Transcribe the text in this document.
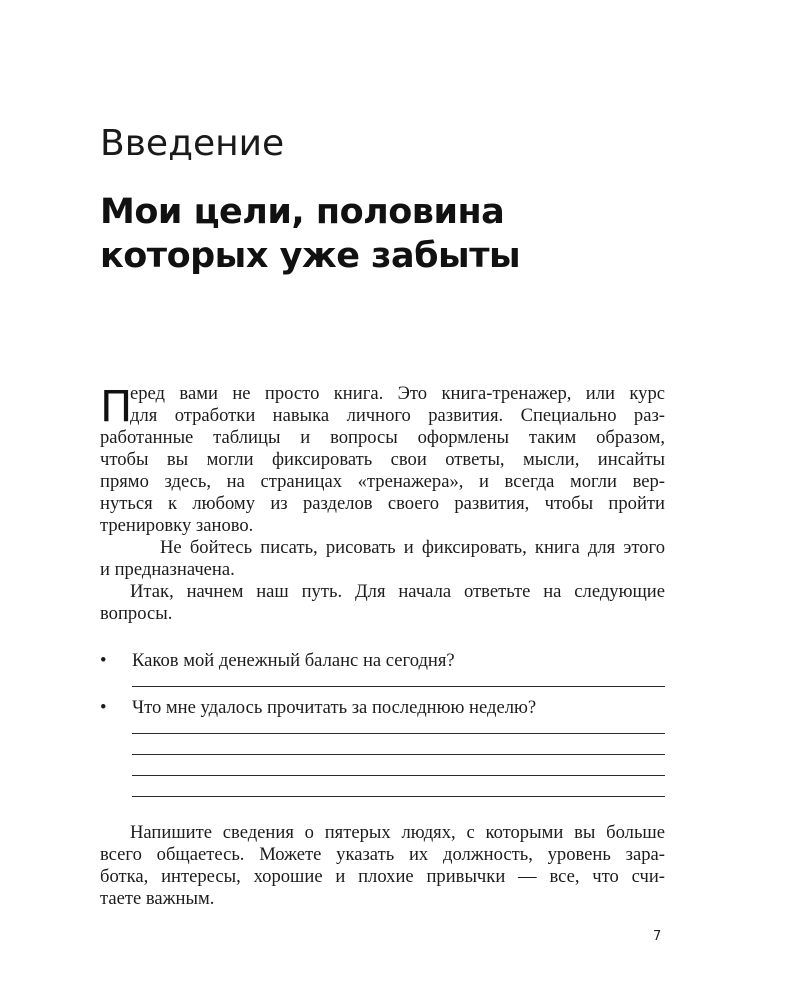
Введение
Мои цели, половина
которых уже забыты
П
еред вами не просто книга. Это книга-тренажер, или курс
для отработки навыка личного развития. Специально раз-
работанные таблицы и вопросы оформлены таким образом,
чтобы вы могли фиксировать свои ответы, мысли, инсайты
прямо здесь, на страницах «тренажера», и всегда могли вер-
нуться к любому из разделов своего развития, чтобы пройти
тренировку заново.
Не бойтесь писать, рисовать и фиксировать, книга для этого
и предназначена.
Итак, начнем наш путь. Для начала ответьте на следующие
вопросы.
• Каков мой денежный баланс на сегодня?
• Что мне удалось прочитать за последнюю неделю?
Напишите сведения о пятерых людях, с которыми вы больше
всего общаетесь. Можете указать их должность, уровень зара-
ботка, интересы, хорошие и плохие привычки — все, что счи-
таете важным.
7
